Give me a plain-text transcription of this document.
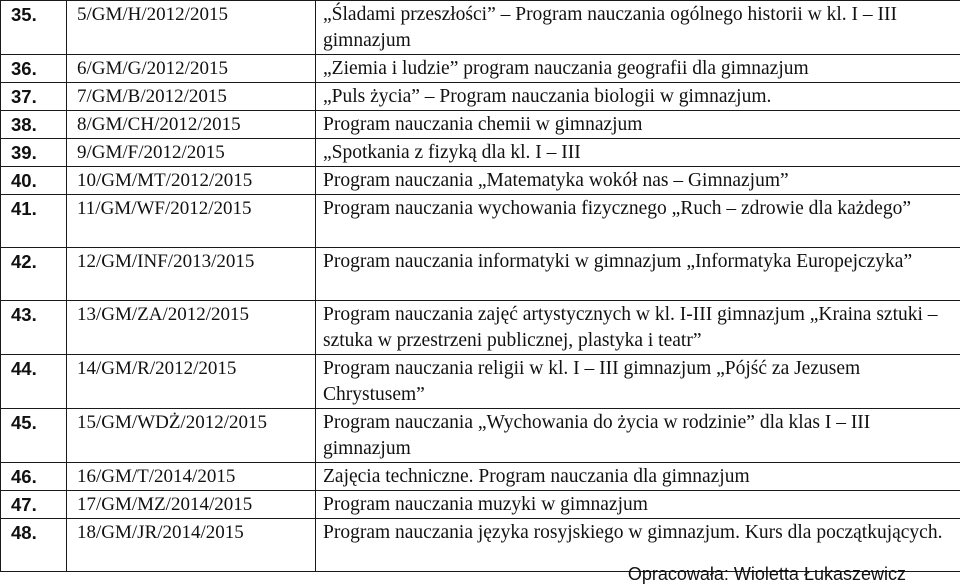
35.	5/GM/H/2012/2015	„Śladami przeszłości” – Program nauczania ogólnego historii w kl. I – III gimnazjum
36.	6/GM/G/2012/2015	„Ziemia i ludzie” program nauczania geografii dla gimnazjum
37.	7/GM/B/2012/2015	„Puls życia” – Program nauczania biologii w gimnazjum.
38.	8/GM/CH/2012/2015	Program nauczania chemii w gimnazjum
39.	9/GM/F/2012/2015	„Spotkania z fizyką dla kl. I – III
40.	10/GM/MT/2012/2015	Program nauczania „Matematyka wokół nas – Gimnazjum”
41.	11/GM/WF/2012/2015	Program nauczania wychowania fizycznego „Ruch – zdrowie dla każdego”
42.	12/GM/INF/2013/2015	Program nauczania informatyki w gimnazjum „Informatyka Europejczyka”
43.	13/GM/ZA/2012/2015	Program nauczania zajęć artystycznych w kl. I-III gimnazjum „Kraina sztuki – sztuka w przestrzeni publicznej, plastyka i teatr”
44.	14/GM/R/2012/2015	Program nauczania religii w kl. I – III gimnazjum „Pójść za Jezusem Chrystusem”
45.	15/GM/WDŻ/2012/2015	Program nauczania „Wychowania do życia w rodzinie” dla klas I – III gimnazjum
46.	16/GM/T/2014/2015	Zajęcia techniczne. Program nauczania dla gimnazjum
47.	17/GM/MZ/2014/2015	Program nauczania muzyki w gimnazjum
48.	18/GM/JR/2014/2015	Program nauczania języka rosyjskiego w gimnazjum. Kurs dla początkujących.
Opracowała: Wioletta Łukaszewicz
